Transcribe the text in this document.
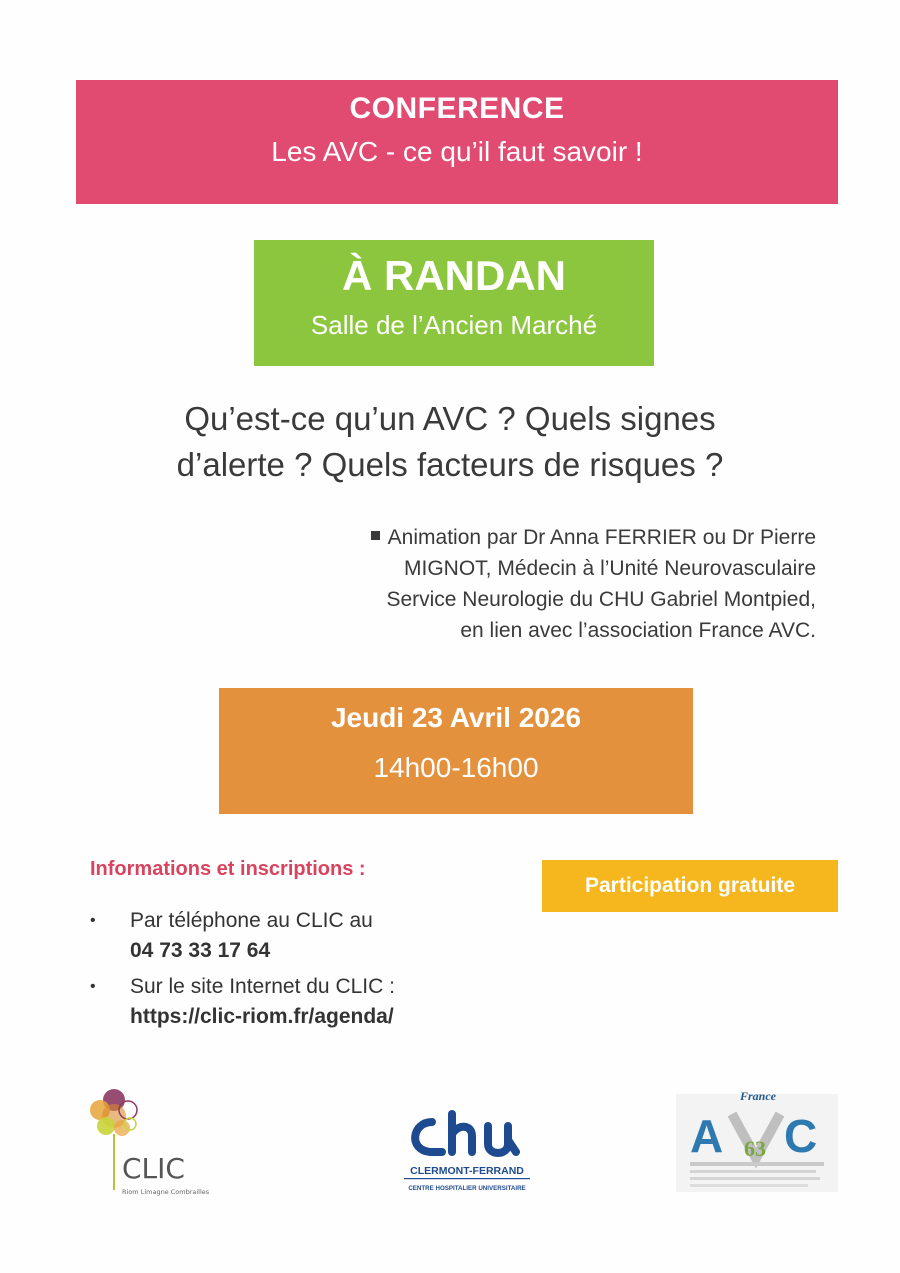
CONFERENCE
Les AVC - ce qu’il faut savoir !
À RANDAN
Salle de l’Ancien Marché
Qu’est-ce qu’un AVC ? Quels signes
d’alerte ? Quels facteurs de risques ?
Animation par Dr Anna FERRIER ou Dr Pierre
MIGNOT, Médecin à l’Unité Neurovasculaire
Service Neurologie du CHU Gabriel Montpied,
en lien avec l’association France AVC.
Jeudi 23 Avril 2026
14h00-16h00
Informations et inscriptions :
Participation gratuite
• Par téléphone au CLIC au
04 73 33 17 64
• Sur le site Internet du CLIC :
https://clic-riom.fr/agenda/
CLIC
Riom Limagne Combrailles
CLERMONT-FERRAND
CENTRE HOSPITALIER UNIVERSITAIRE
France
A 63 C
